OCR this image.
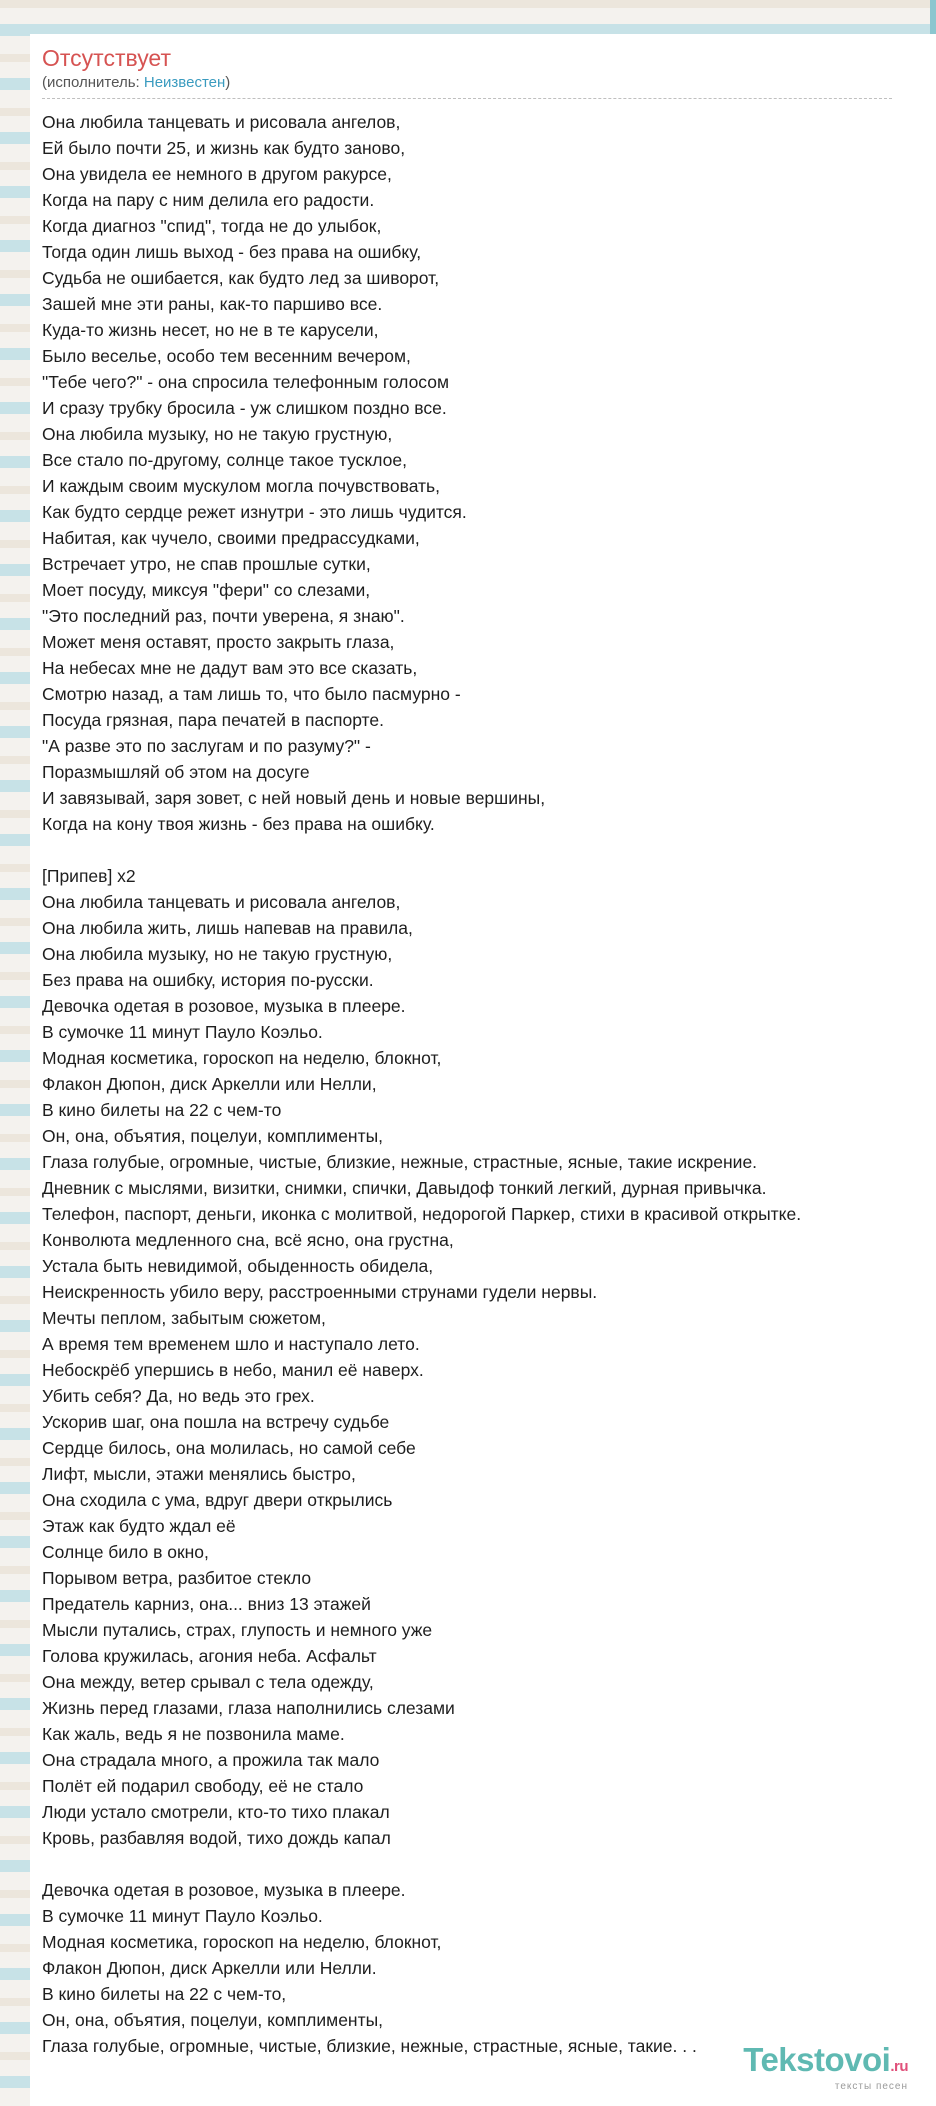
Отсутствует
(исполнитель: Неизвестен)
Она любила танцевать и рисовала ангелов,
Ей было почти 25, и жизнь как будто заново,
Она увидела ее немного в другом ракурсе,
Когда на пару с ним делила его радости.
Когда диагноз "спид", тогда не до улыбок,
Тогда один лишь выход - без права на ошибку,
Судьба не ошибается, как будто лед за шиворот,
Зашей мне эти раны, как-то паршиво все.
Куда-то жизнь несет, но не в те карусели,
Было веселье, особо тем весенним вечером,
"Тебе чего?" - она спросила телефонным голосом
И сразу трубку бросила - уж слишком поздно все.
Она любила музыку, но не такую грустную,
Все стало по-другому, солнце такое тусклое,
И каждым своим мускулом могла почувствовать,
Как будто сердце режет изнутри - это лишь чудится.
Набитая, как чучело, своими предрассудками,
Встречает утро, не спав прошлые сутки,
Моет посуду, миксуя "фери" со слезами,
"Это последний раз, почти уверена, я знаю".
Может меня оставят, просто закрыть глаза,
На небесах мне не дадут вам это все сказать,
Смотрю назад, а там лишь то, что было пасмурно -
Посуда грязная, пара печатей в паспорте.
"А разве это по заслугам и по разуму?" -
Поразмышляй об этом на досуге
И завязывай, заря зовет, с ней новый день и новые вершины,
Когда на кону твоя жизнь - без права на ошибку.
[Припев] x2
Она любила танцевать и рисовала ангелов,
Она любила жить, лишь напевав на правила,
Она любила музыку, но не такую грустную,
Без права на ошибку, история по-русски.
Девочка одетая в розовое, музыка в плеере.
В сумочке 11 минут Пауло Коэльо.
Модная косметика, гороскоп на неделю, блокнот,
Флакон Дюпон, диск Аркелли или Нелли,
В кино билеты на 22 с чем-то
Он, она, объятия, поцелуи, комплименты,
Глаза голубые, огромные, чистые, близкие, нежные, страстные, ясные, такие искрение.
Дневник с мыслями, визитки, снимки, спички, Давыдоф тонкий легкий, дурная привычка.
Телефон, паспорт, деньги, иконка с молитвой, недорогой Паркер, стихи в красивой открытке.
Конволюта медленного сна, всё ясно, она грустна,
Устала быть невидимой, обыденность обидела,
Неискренность убило веру, расстроенными струнами гудели нервы.
Мечты пеплом, забытым сюжетом,
А время тем временем шло и наступало лето.
Небоскрёб упершись в небо, манил её наверх.
Убить себя? Да, но ведь это грех.
Ускорив шаг, она пошла на встречу судьбе
Сердце билось, она молилась, но самой себе
Лифт, мысли, этажи менялись быстро,
Она сходила с ума, вдруг двери открылись
Этаж как будто ждал её
Солнце било в окно,
Порывом ветра, разбитое стекло
Предатель карниз, она... вниз 13 этажей
Мысли путались, страх, глупость и немного уже
Голова кружилась, агония неба. Асфальт
Она между, ветер срывал с тела одежду,
Жизнь перед глазами, глаза наполнились слезами
Как жаль, ведь я не позвонила маме.
Она страдала много, а прожила так мало
Полёт ей подарил свободу, её не стало
Люди устало смотрели, кто-то тихо плакал
Кровь, разбавляя водой, тихо дождь капал
Девочка одетая в розовое, музыка в плеере.
В сумочке 11 минут Пауло Коэльо.
Модная косметика, гороскоп на неделю, блокнот,
Флакон Дюпон, диск Аркелли или Нелли.
В кино билеты на 22 с чем-то,
Он, она, объятия, поцелуи, комплименты,
Глаза голубые, огромные, чистые, близкие, нежные, страстные, ясные, такие. . .	Tekstovoi.ru
тексты песен
